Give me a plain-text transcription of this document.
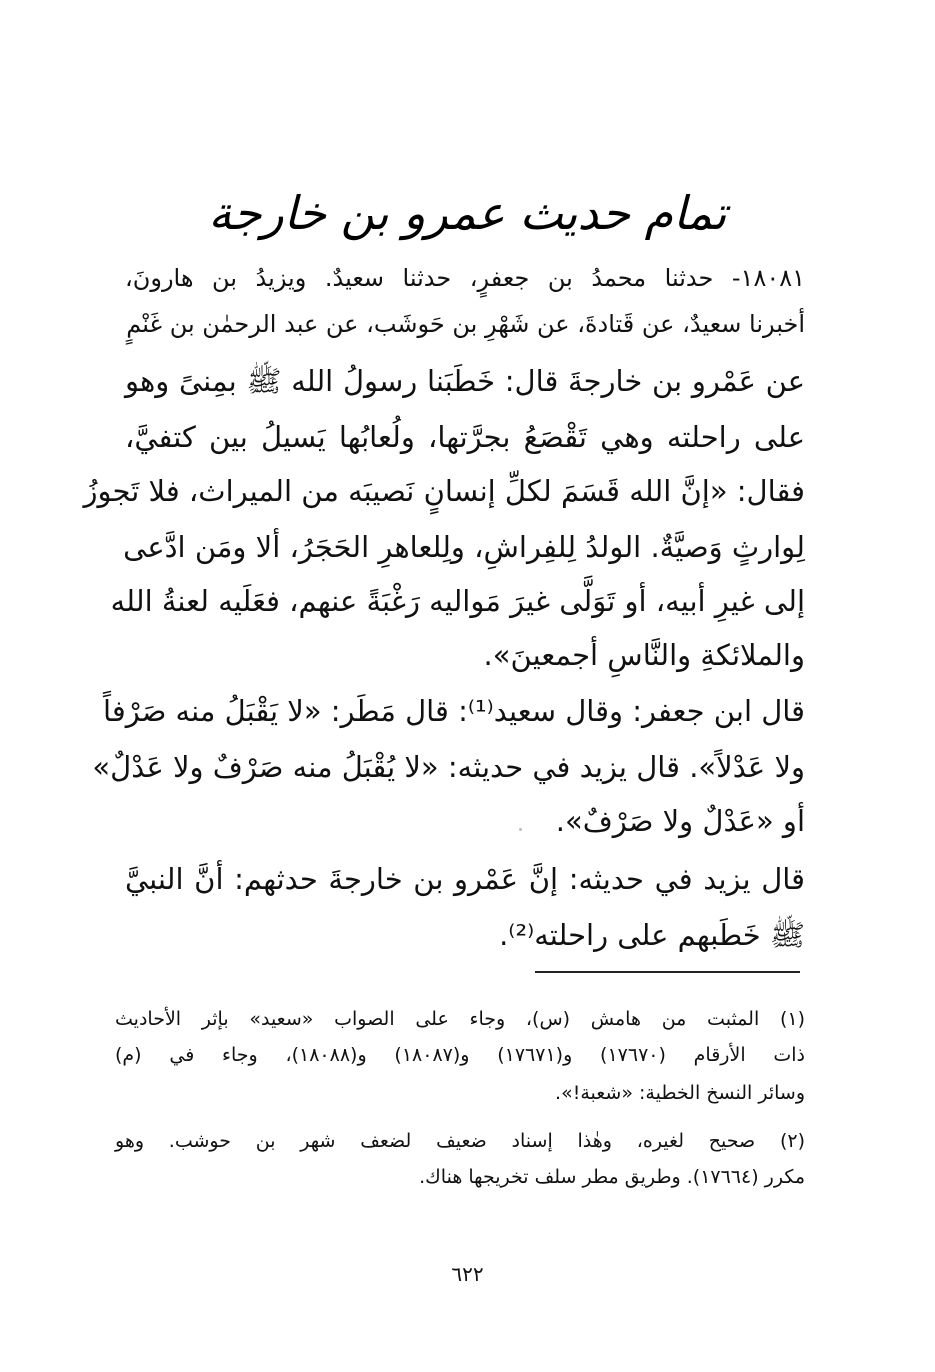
تمام حديث عمرو بن خارجة
١٨٠٨١- حدثنا محمدُ بن جعفرٍ، حدثنا سعيدٌ. ويزيدُ بن هارونَ،
أخبرنا سعيدٌ، عن قَتادةَ، عن شَهْرِ بن حَوشَب، عن عبد الرحمٰن بن غَنْمٍ
عن عَمْرو بن خارجةَ قال: خَطَبَنا رسولُ الله ﷺ بمِنىً وهو
على راحلته وهي تَقْصَعُ بجرَّتها، ولُعابُها يَسيلُ بين كتفيَّ،
فقال: «إنَّ الله قَسَمَ لكلِّ إنسانٍ نَصيبَه من الميراث، فلا تَجوزُ
لِوارثٍ وَصيَّةٌ. الولدُ لِلفِراشِ، ولِلعاهرِ الحَجَرُ، ألا ومَن ادَّعى
إلى غيرِ أبيه، أو تَوَلَّى غيرَ مَواليه رَغْبَةً عنهم، فعَلَيه لعنةُ الله
والملائكةِ والنَّاسِ أجمعينَ».
قال ابن جعفر: وقال سعيد⁽¹⁾: قال مَطَر: «لا يَقْبَلُ منه صَرْفاً
ولا عَدْلاً». قال يزيد في حديثه: «لا يُقْبَلُ منه صَرْفٌ ولا عَدْلٌ»
أو «عَدْلٌ ولا صَرْفٌ».
قال يزيد في حديثه: إنَّ عَمْرو بن خارجةَ حدثهم: أنَّ النبيَّ
ﷺ خَطَبهم على راحلته⁽²⁾.
(١) المثبت من هامش (س)، وجاء على الصواب «سعيد» بإثر الأحاديث
ذات الأرقام (١٧٦٧٠) و(١٧٦٧١) و(١٨٠٨٧) و(١٨٠٨٨)، وجاء في (م)
وسائر النسخ الخطية: «شعبة!».
(٢) صحيح لغيره، وهٰذا إسناد ضعيف لضعف شهر بن حوشب. وهو
مكرر (١٧٦٦٤). وطريق مطر سلف تخريجها هناك.
٦٢٢
